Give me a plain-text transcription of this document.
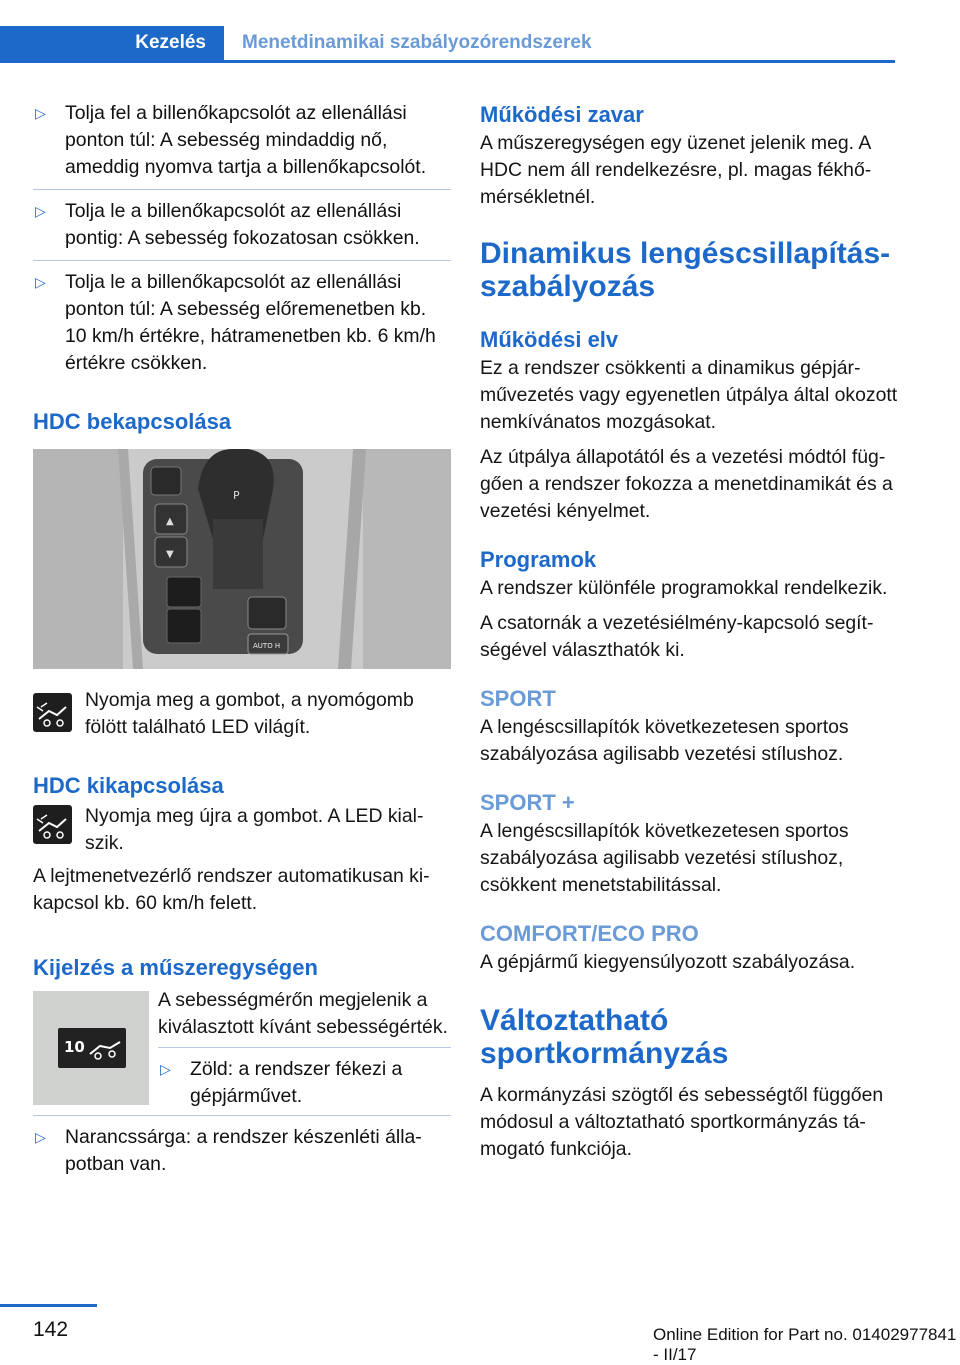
Kezelés	Menetdinamikai szabályozórendszerek
▷ Tolja fel a billenőkapcsolót az ellenállási ponton túl: A sebesség mindaddig nő, ameddig nyomva tartja a billenőkapcsolót.
▷ Tolja le a billenőkapcsolót az ellenállási pontig: A sebesség fokozatosan csökken.
▷ Tolja le a billenőkapcsolót az ellenállási ponton túl: A sebesség előremenetben kb. 10 km/h értékre, hátramenetben kb. 6 km/h értékre csökken.
HDC bekapcsolása
▲
▼
P
AUTO H
Nyomja meg a gombot, a nyomógomb fölött található LED világít.
HDC kikapcsolása
Nyomja meg újra a gombot. A LED kialszik.
A lejtmenetvezérlő rendszer automatikusan kikapcsol kb. 60 km/h felett.
Kijelzés a műszeregységen
10
A sebességmérőn megjelenik a kiválasztott kívánt sebességérték.
▷ Zöld: a rendszer fékezi a gépjárművet.
▷ Narancssárga: a rendszer készenléti állapotban van.
Működési zavar
A műszeregységen egy üzenet jelenik meg. A HDC nem áll rendelkezésre, pl. magas fékhőmérsékletnél.
Dinamikus lengéscsillapításszabályozás
Működési elv
Ez a rendszer csökkenti a dinamikus gépjárművezetés vagy egyenetlen útpálya által okozott nemkívánatos mozgásokat.
Az útpálya állapotától és a vezetési módtól függően a rendszer fokozza a menetdinamikát és a vezetési kényelmet.
Programok
A rendszer különféle programokkal rendelkezik.
A csatornák a vezetésiélmény-kapcsoló segítségével választhatók ki.
SPORT
A lengéscsillapítók következetesen sportos szabályozása agilisabb vezetési stílushoz.
SPORT +
A lengéscsillapítók következetesen sportos szabályozása agilisabb vezetési stílushoz, csökkent menetstabilitással.
COMFORT/ECO PRO
A gépjármű kiegyensúlyozott szabályozása.
Változtatható sportkormányzás
A kormányzási szögtől és sebességtől függően módosul a változtatható sportkormányzás támogató funkciója.
142	Online Edition for Part no. 01402977841 - II/17
